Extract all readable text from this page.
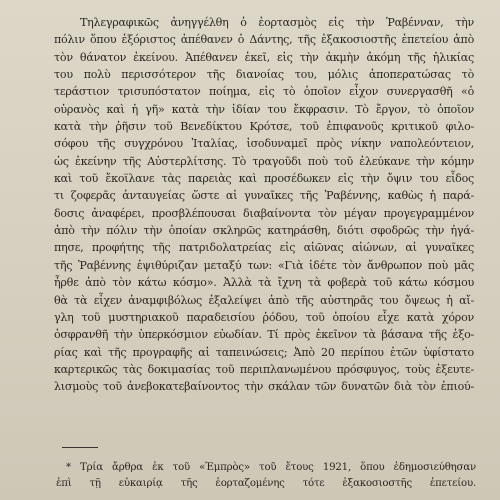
Τηλεγραφικῶς ἀνηγγέλθη ὁ ἑορτασμὸς εἰς τὴν Ῥαβένναν, τὴν
πόλιν ὅπου ἐξόριστος ἀπέθανεν ὁ Δάντης, τῆς ἑξακοσιοστῆς ἐπετείου ἀπὸ
τὸν θάνατον ἐκείνου. Ἀπέθανεν ἐκεῖ, εἰς τὴν ἀκμὴν ἀκόμη τῆς ἡλικίας
του πολὺ περισσότερον τῆς διανοίας του, μόλις ἀποπερατώσας τὸ
τεράστιον τρισυπόστατον ποίημα, εἰς τὸ ὁποῖον εἶχον συνεργασθῆ «ὁ
οὐρανὸς καὶ ἡ γῆ» κατὰ τὴν ἰδίαν του ἔκφρασιν. Τὸ ἔργον, τὸ ὁποῖον
κατὰ τὴν ῥῆσιν τοῦ Βενεδίκτου Κρότσε, τοῦ ἐπιφανοῦς κριτικοῦ φιλο-
σόφου τῆς συγχρόνου Ἰταλίας, ἰσοδυναμεῖ πρὸς νίκην ναπολεόντειον,
ὡς ἐκείνην τῆς Αὐστερλίτσης. Τὸ τραγοῦδι ποὺ τοῦ ἐλεύκανε τὴν κόμην
καὶ τοῦ ἔκοϊλανε τὰς παρειὰς καὶ προσέδωκεν εἰς τὴν ὄψιν του εἶδος
τι ζοφερᾶς ἀνταυγείας ὥστε αἱ γυναῖκες τῆς Ῥαβέννης, καθὼς ἡ παρά-
δοσις ἀναφέρει, προσβλέπουσαι διαβαίνοντα τὸν μέγαν προγεγραμμένον
ἀπὸ τὴν πόλιν τὴν ὁποίαν σκληρῶς κατηράσθη, διότι σφοδρῶς τὴν ἠγά-
πησε, προφήτης τῆς πατριδολατρείας εἰς αἰῶνας αἰώνων, αἱ γυναῖκες
τῆς Ῥαβέννης ἐψιθύριζαν μεταξύ των: «Γιὰ ἰδέτε τὸν ἄνθρωπον ποὺ μᾶς
ἦρθε ἀπὸ τὸν κάτω κόσμο». Ἀλλὰ τὰ ἴχνη τὰ φοβερὰ τοῦ κάτω κόσμου
θὰ τὰ εἶχεν ἀναμφιβόλως ἐξαλείψει ἀπὸ τῆς αὐστηρᾶς του ὄψεως ἡ αἴ-
γλη τοῦ μυστηριακοῦ παραδεισίου ῥόδου, τοῦ ὁποίου εἶχε κατὰ χόρον
ὀσφρανθῆ τὴν ὑπερκόσμιον εὐωδίαν. Τί πρὸς ἐκεῖνον τὰ βάσανα τῆς ἐξο-
ρίας καὶ τῆς προγραφῆς αἱ ταπεινώσεις; Ἀπὸ 20 περίπου ἐτῶν ὑφίστατο
καρτερικῶς τὰς δοκιμασίας τοῦ περιπλανωμένου πρόσφυγος, τοὺς ἐξευτε-
λισμοὺς τοῦ ἀνεβοκατεβαίνοντος τὴν σκάλαν τῶν δυνατῶν διὰ τὸν ἐπιού-
* Τρία ἄρθρα ἐκ τοῦ «Ἐμπρὸς» τοῦ ἔτους 1921, ὅπου ἐδημοσιεύθησαν
ἐπὶ τῇ εὐκαιρίᾳ τῆς ἑορταζομένης τότε ἑξακοσιοστῆς ἐπετείου.
